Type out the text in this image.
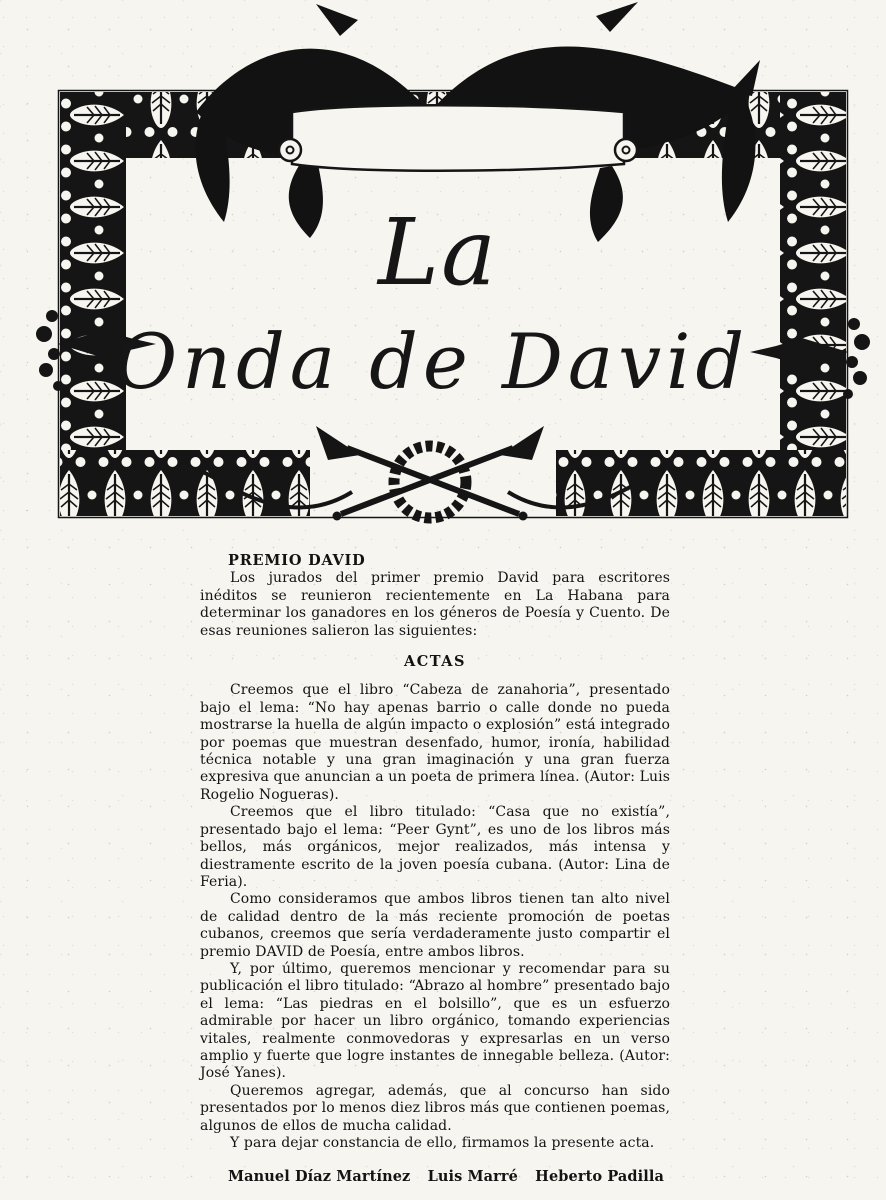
La
Onda de David
PREMIO DAVID

Los jurados del primer premio David para escritores inéditos se reunieron recientemente en La Habana para determinar los ganadores en los géneros de Poesía y Cuento. De esas reuniones salieron las siguientes:

ACTAS

Creemos que el libro “Cabeza de zanahoria”, presentado bajo el lema: “No hay apenas barrio o calle donde no pueda mostrarse la huella de algún impacto o explosión” está integrado por poemas que muestran desenfado, humor, ironía, habilidad técnica notable y una gran imaginación y una gran fuerza expresiva que anuncian a un poeta de primera línea. (Autor: Luis Rogelio Nogueras).

Creemos que el libro titulado: “Casa que no existía”, presentado bajo el lema: “Peer Gynt”, es uno de los libros más bellos, más orgánicos, mejor realizados, más intensa y diestramente escrito de la joven poesía cubana. (Autor: Lina de Feria).

Como consideramos que ambos libros tienen tan alto nivel de calidad dentro de la más reciente promoción de poetas cubanos, creemos que sería verdaderamente justo compartir el premio DAVID de Poesía, entre ambos libros.

Y, por último, queremos mencionar y recomendar para su publicación el libro titulado: “Abrazo al hombre” presentado bajo el lema: “Las piedras en el bolsillo”, que es un esfuerzo admirable por hacer un libro orgánico, tomando experiencias vitales, realmente conmovedoras y expresarlas en un verso amplio y fuerte que logre instantes de innegable belleza. (Autor: José Yanes).

Queremos agregar, además, que al concurso han sido presentados por lo menos diez libros más que contienen poemas, algunos de ellos de mucha calidad.

Y para dejar constancia de ello, firmamos la presente acta.

Manuel Díaz Martínez Luis Marré Heberto Padilla
